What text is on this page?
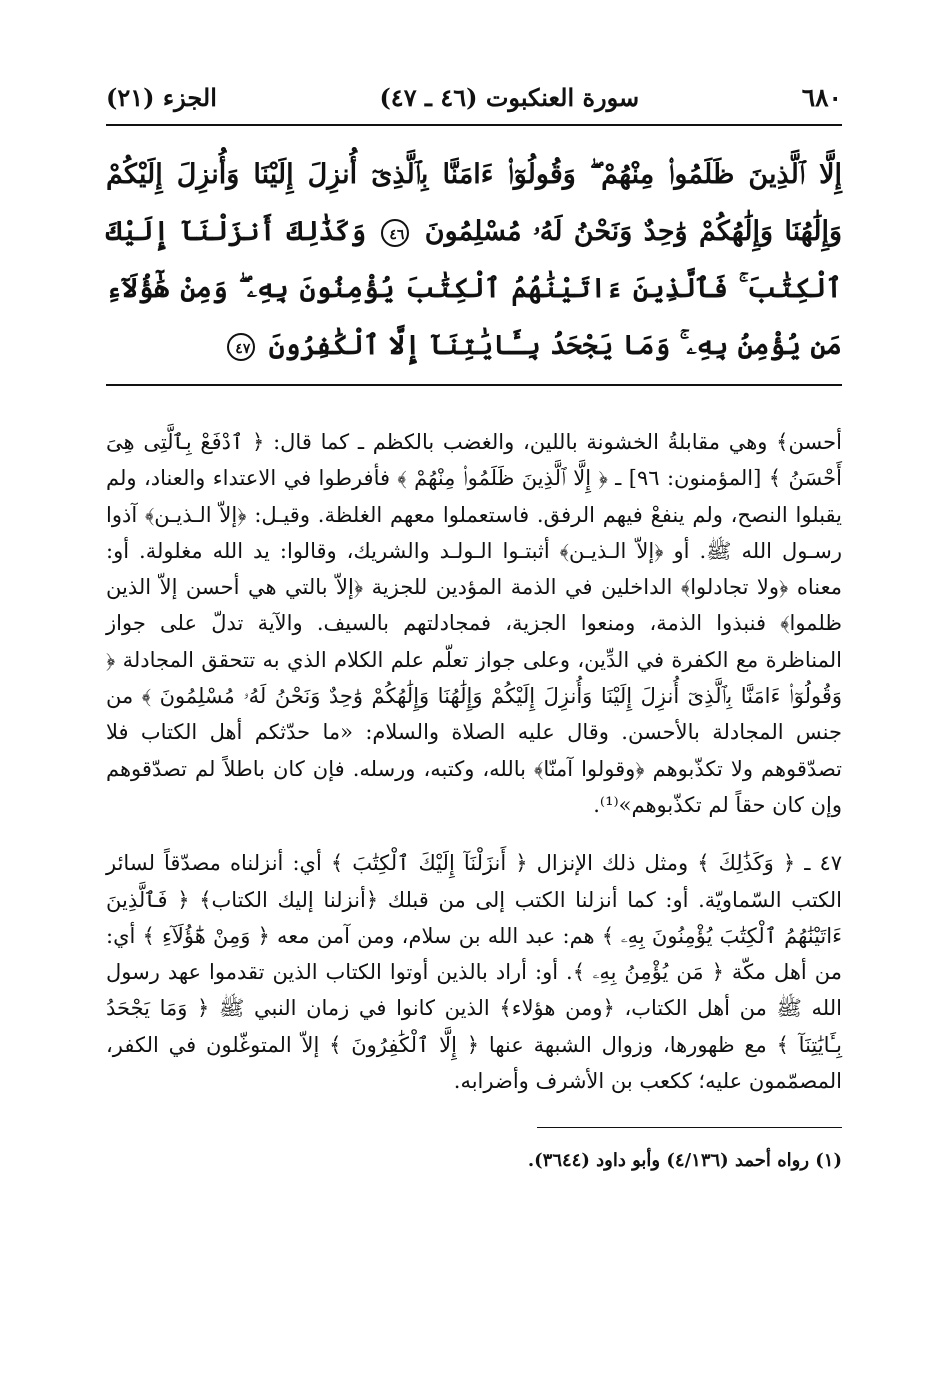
٦٨٠
سورة العنكبوت (٤٦ ـ ٤٧)
الجزء (٢١)
إِلَّا ٱلَّذِينَ ظَلَمُوا۟ مِنْهُمْ ۖ وَقُولُوٓا۟ ءَامَنَّا بِٱلَّذِىٓ أُنزِلَ إِلَيْنَا وَأُنزِلَ إِلَيْكُمْ وَإِلَٰهُنَا وَإِلَٰهُكُمْ وَٰحِدٌ وَنَحْنُ لَهُۥ مُسْلِمُونَ ٤٦ وَكَذَٰلِكَ أَنزَلْنَآ إِلَيْكَ ٱلْكِتَٰبَ ۚ فَٱلَّذِينَ ءَاتَيْنَٰهُمُ ٱلْكِتَٰبَ يُؤْمِنُونَ بِهِۦ ۖ وَمِنْ هَٰٓؤُلَآءِ مَن يُؤْمِنُ بِهِۦ ۚ وَمَا يَجْحَدُ بِـَٔايَٰتِنَآ إِلَّا ٱلْكَٰفِرُونَ ٤٧

أحسن﴾ وهي مقابلةُ الخشونة باللين، والغضب بالكظم ـ كما قال: ﴿ ٱدْفَعْ بِٱلَّتِى هِىَ أَحْسَنُ ﴾ [المؤمنون: ٩٦] ـ ﴿ إِلَّا ٱلَّذِينَ ظَلَمُوا۟ مِنْهُمْ ﴾ فأفرطوا في الاعتداء والعناد، ولم يقبلوا النصح، ولم ينفعْ فيهم الرفق. فاستعملوا معهم الغلظة. وقيـل: ﴿إلاّ الـذيـن﴾ آذوا رسـول الله ﷺ. أو ﴿إلاّ الـذيـن﴾ أثبتـوا الـولـد والشريك، وقالوا: يد الله مغلولة. أو: معناه ﴿ولا تجادلوا﴾ الداخلين في الذمة المؤدين للجزية ﴿إلاّ بالتي هي أحسن إلاّ الذين ظلموا﴾ فنبذوا الذمة، ومنعوا الجزية، فمجادلتهم بالسيف. والآية تدلّ على جواز المناظرة مع الكفرة في الدِّين، وعلى جواز تعلّم علم الكلام الذي به تتحقق المجادلة ﴿ وَقُولُوٓا۟ ءَامَنَّا بِٱلَّذِىٓ أُنزِلَ إِلَيْنَا وَأُنزِلَ إِلَيْكُمْ وَإِلَٰهُنَا وَإِلَٰهُكُمْ وَٰحِدٌ وَنَحْنُ لَهُۥ مُسْلِمُونَ ﴾ من جنس المجادلة بالأحسن. وقال عليه الصلاة والسلام: «ما حدّثكم أهل الكتاب فلا تصدّقوهم ولا تكذّبوهم ﴿وقولوا آمنّا﴾ بالله، وكتبه، ورسله. فإن كان باطلاً لم تصدّقوهم وإن كان حقاً لم تكذّبوهم»⁽¹⁾.

٤٧ ـ ﴿ وَكَذَٰلِكَ ﴾ ومثل ذلك الإنزال ﴿ أَنزَلْنَآ إِلَيْكَ ٱلْكِتَٰبَ ﴾ أي: أنزلناه مصدّقاً لسائر الكتب السّماويّة. أو: كما أنزلنا الكتب إلى من قبلك ﴿أنزلنا إليك الكتاب﴾ ﴿ فَٱلَّذِينَ ءَاتَيْنَٰهُمُ ٱلْكِتَٰبَ يُؤْمِنُونَ بِهِۦ ﴾ هم: عبد الله بن سلام، ومن آمن معه ﴿ وَمِنْ هَٰٓؤُلَآءِ ﴾ أي: من أهل مكّة ﴿ مَن يُؤْمِنُ بِهِۦ ﴾. أو: أراد بالذين أوتوا الكتاب الذين تقدموا عهد رسول الله ﷺ من أهل الكتاب، ﴿ومن هؤلاء﴾ الذين كانوا في زمان النبي ﷺ ﴿ وَمَا يَجْحَدُ بِـَٔايَٰتِنَآ ﴾ مع ظهورها، وزوال الشبهة عنها ﴿ إِلَّا ٱلْكَٰفِرُونَ ﴾ إلاّ المتوغّلون في الكفر، المصمّمون عليه؛ ككعب بن الأشرف وأضرابه.

(١) رواه أحمد (٤/١٣٦) وأبو داود (٣٦٤٤).
